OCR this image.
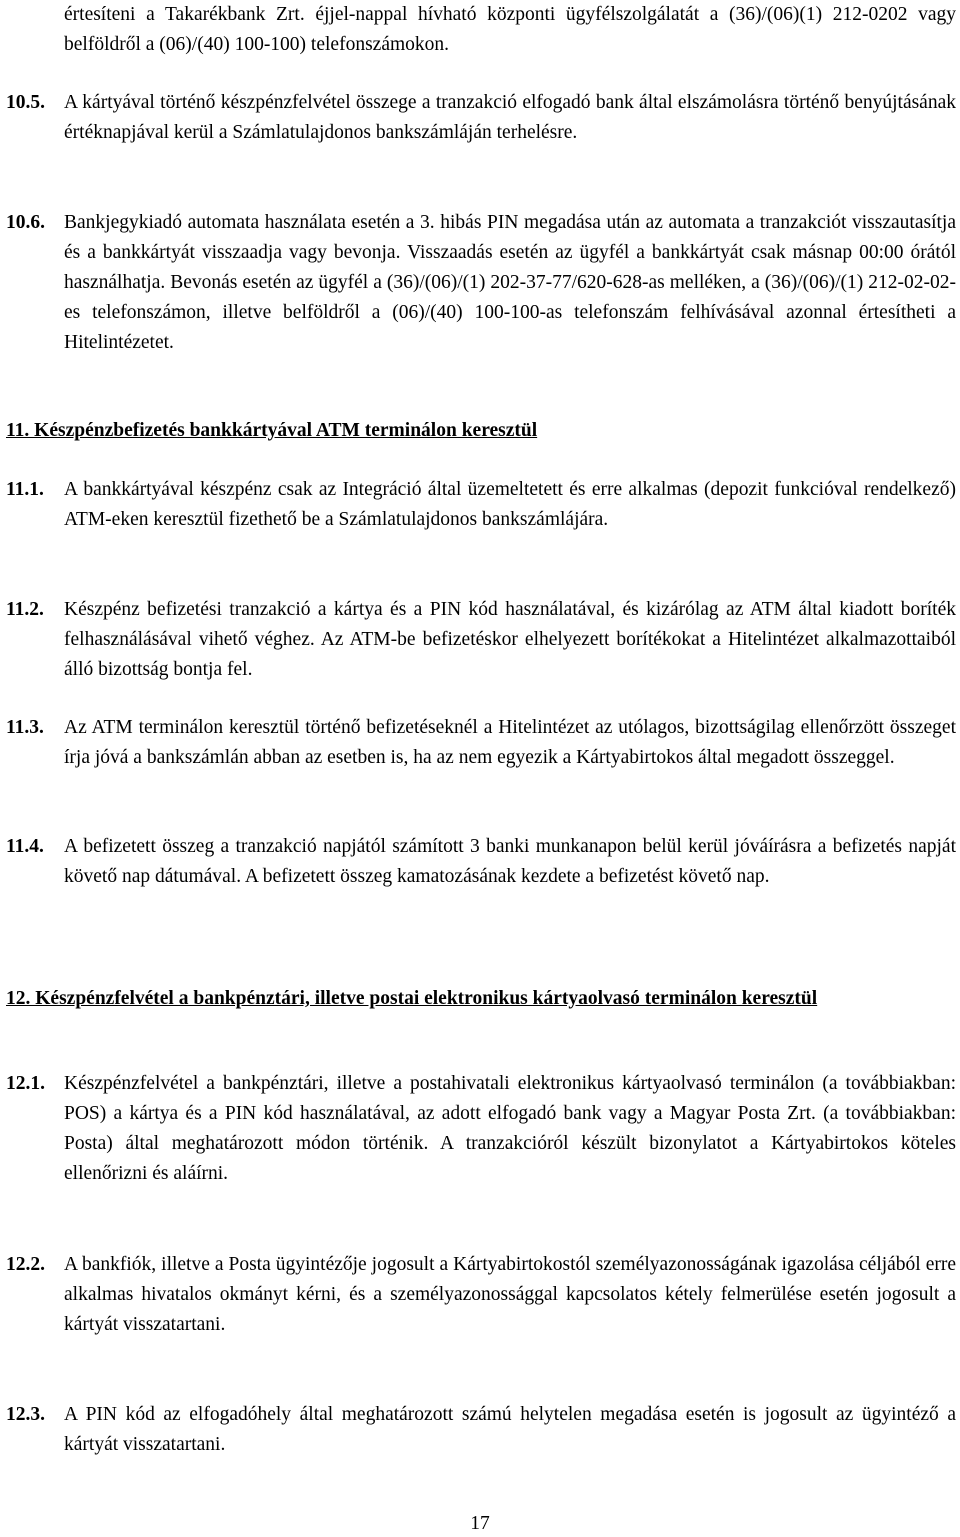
értesíteni a Takarékbank Zrt. éjjel-nappal hívható központi ügyfélszolgálatát a (36)/(06)(1) 212-0202 vagy belföldről a (06)/(40) 100-100) telefonszámokon.
10.5. A kártyával történő készpénzfelvétel összege a tranzakció elfogadó bank által elszámolásra történő benyújtásának értéknapjával kerül a Számlatulajdonos bankszámláján terhelésre.
10.6. Bankjegykiadó automata használata esetén a 3. hibás PIN megadása után az automata a tranzakciót visszautasítja és a bankkártyát visszaadja vagy bevonja. Visszaadás esetén az ügyfél a bankkártyát csak másnap 00:00 órától használhatja. Bevonás esetén az ügyfél a (36)/(06)/(1) 202-37-77/620-628-as melléken, a (36)/(06)/(1) 212-02-02-es telefonszámon, illetve belföldről a (06)/(40) 100-100-as telefonszám felhívásával azonnal értesítheti a Hitelintézetet.
11. Készpénzbefizetés bankkártyával ATM terminálon keresztül
11.1. A bankkártyával készpénz csak az Integráció által üzemeltetett és erre alkalmas (depozit funkcióval rendelkező) ATM-eken keresztül fizethető be a Számlatulajdonos bankszámlájára.
11.2. Készpénz befizetési tranzakció a kártya és a PIN kód használatával, és kizárólag az ATM által kiadott boríték felhasználásával vihető véghez. Az ATM-be befizetéskor elhelyezett borítékokat a Hitelintézet alkalmazottaiból álló bizottság bontja fel.
11.3. Az ATM terminálon keresztül történő befizetéseknél a Hitelintézet az utólagos, bizottságilag ellenőrzött összeget írja jóvá a bankszámlán abban az esetben is, ha az nem egyezik a Kártyabirtokos által megadott összeggel.
11.4. A befizetett összeg a tranzakció napjától számított 3 banki munkanapon belül kerül jóváírásra a befizetés napját követő nap dátumával. A befizetett összeg kamatozásának kezdete a befizetést követő nap.
12. Készpénzfelvétel a bankpénztári, illetve postai elektronikus kártyaolvasó terminálon keresztül
12.1. Készpénzfelvétel a bankpénztári, illetve a postahivatali elektronikus kártyaolvasó terminálon (a továbbiakban: POS) a kártya és a PIN kód használatával, az adott elfogadó bank vagy a Magyar Posta Zrt. (a továbbiakban: Posta) által meghatározott módon történik. A tranzakcióról készült bizonylatot a Kártyabirtokos köteles ellenőrizni és aláírni.
12.2. A bankfiók, illetve a Posta ügyintézője jogosult a Kártyabirtokostól személyazonosságának igazolása céljából erre alkalmas hivatalos okmányt kérni, és a személyazonossággal kapcsolatos kétely felmerülése esetén jogosult a kártyát visszatartani.
12.3. A PIN kód az elfogadóhely által meghatározott számú helytelen megadása esetén is jogosult az ügyintéző a kártyát visszatartani.
17
